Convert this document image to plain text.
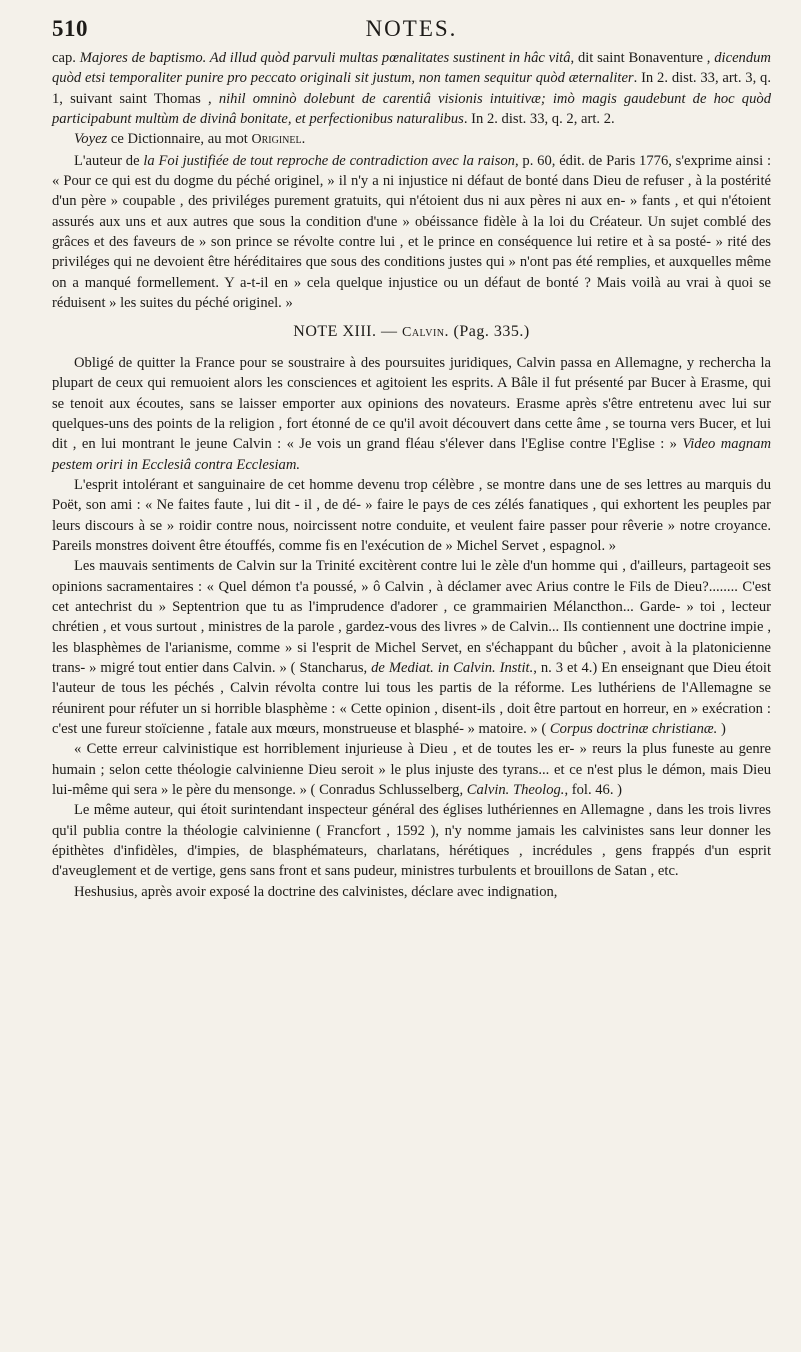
510	NOTES.

cap. Majores de baptismo. Ad illud quòd parvuli multas pœnalitates sustinent in hâc vitâ, dit saint Bonaventure , dicendum quòd etsi temporaliter punire pro peccato originali sit justum, non tamen sequitur quòd æternaliter. In 2. dist. 33, art. 3, q. 1, suivant saint Thomas , nihil omninò dolebunt de carentiâ visionis intuitivæ; imò magis gaudebunt de hoc quòd participabunt multùm de divinâ bonitate, et perfectionibus naturalibus. In 2. dist. 33, q. 2, art. 2.

Voyez ce Dictionnaire, au mot Originel.

L'auteur de la Foi justifiée de tout reproche de contradiction avec la raison, p. 60, édit. de Paris 1776, s'exprime ainsi : « Pour ce qui est du dogme du péché originel, » il n'y a ni injustice ni défaut de bonté dans Dieu de refuser , à la postérité d'un père » coupable , des priviléges purement gratuits, qui n'étoient dus ni aux pères ni aux en- » fants , et qui n'étoient assurés aux uns et aux autres que sous la condition d'une » obéissance fidèle à la loi du Créateur. Un sujet comblé des grâces et des faveurs de » son prince se révolte contre lui , et le prince en conséquence lui retire et à sa posté- » rité des priviléges qui ne devoient être héréditaires que sous des conditions justes qui » n'ont pas été remplies, et auxquelles même on a manqué formellement. Y a-t-il en » cela quelque injustice ou un défaut de bonté ? Mais voilà au vrai à quoi se réduisent » les suites du péché originel. »

NOTE XIII. — Calvin. (Pag. 335.)

Obligé de quitter la France pour se soustraire à des poursuites juridiques, Calvin passa en Allemagne, y rechercha la plupart de ceux qui remuoient alors les consciences et agitoient les esprits. A Bâle il fut présenté par Bucer à Erasme, qui se tenoit aux écoutes, sans se laisser emporter aux opinions des novateurs. Erasme après s'être entretenu avec lui sur quelques-uns des points de la religion , fort étonné de ce qu'il avoit découvert dans cette âme , se tourna vers Bucer, et lui dit , en lui montrant le jeune Calvin : « Je vois un grand fléau s'élever dans l'Eglise contre l'Eglise : » Video magnam pestem oriri in Ecclesiâ contra Ecclesiam.

L'esprit intolérant et sanguinaire de cet homme devenu trop célèbre , se montre dans une de ses lettres au marquis du Poët, son ami : « Ne faites faute , lui dit - il , de dé- » faire le pays de ces zélés fanatiques , qui exhortent les peuples par leurs discours à se » roidir contre nous, noircissent notre conduite, et veulent faire passer pour rêverie » notre croyance. Pareils monstres doivent être étouffés, comme fis en l'exécution de » Michel Servet , espagnol. »

Les mauvais sentiments de Calvin sur la Trinité excitèrent contre lui le zèle d'un homme qui , d'ailleurs, partageoit ses opinions sacramentaires : « Quel démon t'a poussé, » ô Calvin , à déclamer avec Arius contre le Fils de Dieu?........ C'est cet antechrist du » Septentrion que tu as l'imprudence d'adorer , ce grammairien Mélancthon... Garde- » toi , lecteur chrétien , et vous surtout , ministres de la parole , gardez-vous des livres » de Calvin... Ils contiennent une doctrine impie , les blasphèmes de l'arianisme, comme » si l'esprit de Michel Servet, en s'échappant du bûcher , avoit à la platonicienne trans- » migré tout entier dans Calvin. » ( Stancharus, de Mediat. in Calvin. Instit., n. 3 et 4.) En enseignant que Dieu étoit l'auteur de tous les péchés , Calvin révolta contre lui tous les partis de la réforme. Les luthériens de l'Allemagne se réunirent pour réfuter un si horrible blasphème : « Cette opinion , disent-ils , doit être partout en horreur, en » exécration : c'est une fureur stoïcienne , fatale aux mœurs, monstrueuse et blasphé- » matoire. » ( Corpus doctrinæ christianæ. )

« Cette erreur calvinistique est horriblement injurieuse à Dieu , et de toutes les er- » reurs la plus funeste au genre humain ; selon cette théologie calvinienne Dieu seroit » le plus injuste des tyrans... et ce n'est plus le démon, mais Dieu lui-même qui sera » le père du mensonge. » ( Conradus Schlusselberg, Calvin. Theolog., fol. 46. )

Le même auteur, qui étoit surintendant inspecteur général des églises luthériennes en Allemagne , dans les trois livres qu'il publia contre la théologie calvinienne ( Francfort , 1592 ), n'y nomme jamais les calvinistes sans leur donner les épithètes d'infidèles, d'impies, de blasphémateurs, charlatans, hérétiques , incrédules , gens frappés d'un esprit d'aveuglement et de vertige, gens sans front et sans pudeur, ministres turbulents et brouillons de Satan , etc.

Heshusius, après avoir exposé la doctrine des calvinistes, déclare avec indignation,
